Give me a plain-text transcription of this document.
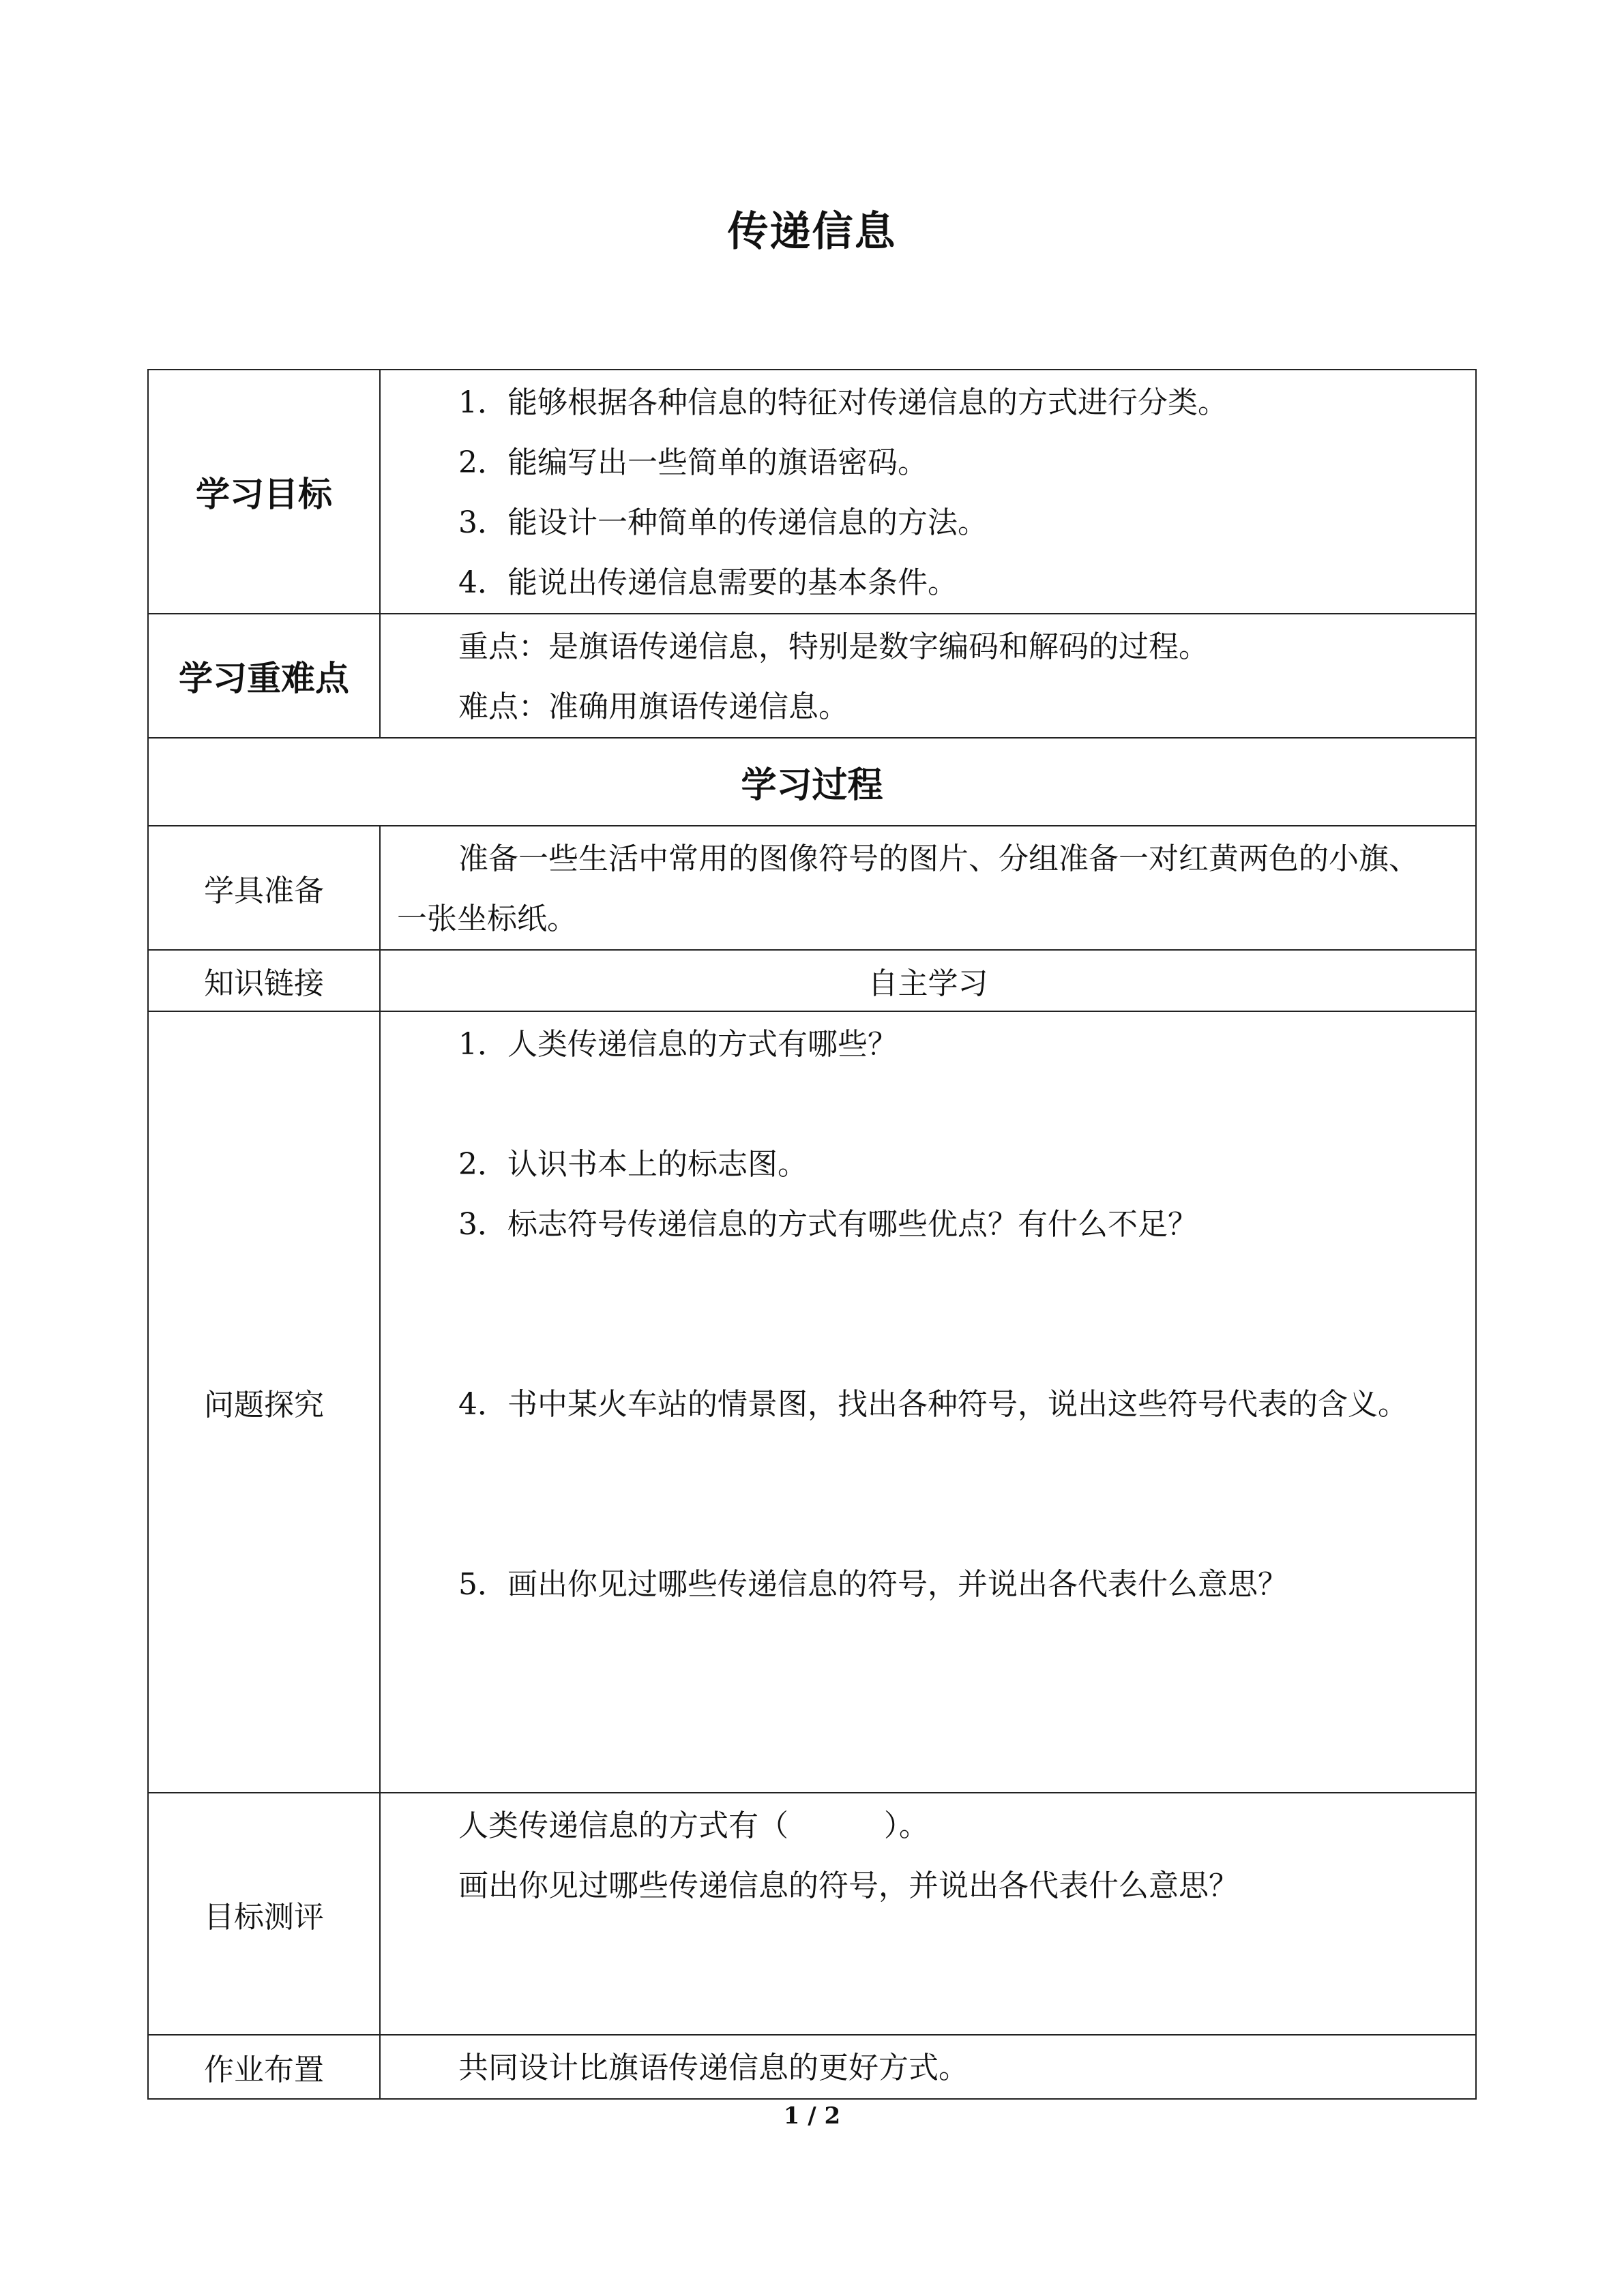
传递信息
学习目标	1．能够根据各种信息的特征对传递信息的方式进行分类。

2．能编写出一些简单的旗语密码。

3．能设计一种简单的传递信息的方法。

4．能说出传递信息需要的基本条件。

学习重难点	重点：是旗语传递信息，特别是数字编码和解码的过程。

难点：准确用旗语传递信息。

学习过程	
学具准备	准备一些生活中常用的图像符号的图片、分组准备一对红黄两色的小旗、一张坐标纸。

知识链接	自主学习
问题探究	1．人类传递信息的方式有哪些？

2．认识书本上的标志图。

3．标志符号传递信息的方式有哪些优点？有什么不足？

4．书中某火车站的情景图，找出各种符号，说出这些符号代表的含义。

5．画出你见过哪些传递信息的符号，并说出各代表什么意思？

目标测评	人类传递信息的方式有（          ）。

画出你见过哪些传递信息的符号，并说出各代表什么意思？

作业布置	共同设计比旗语传递信息的更好方式。

1 / 2
